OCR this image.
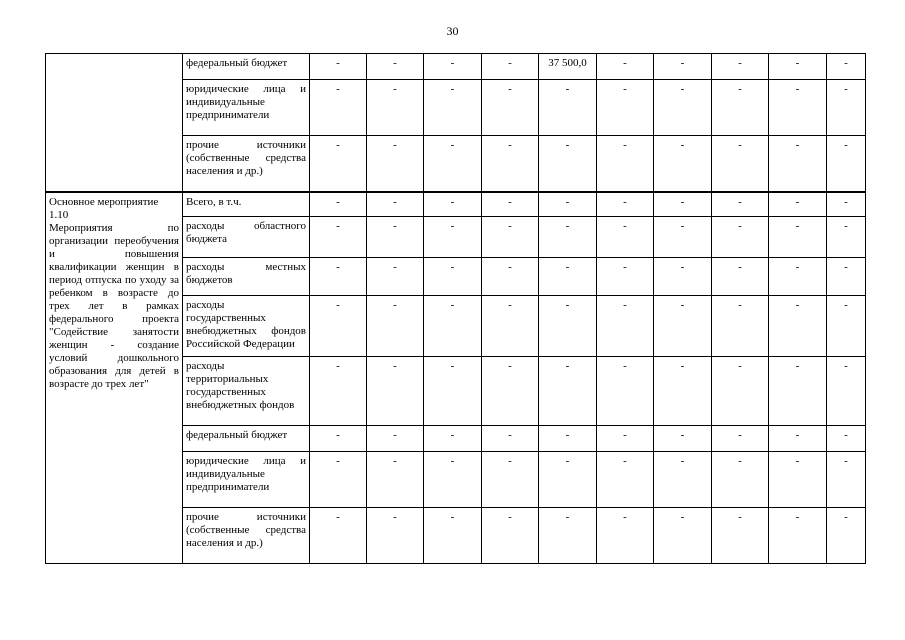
30
	федеральный бюджет	-	-	-	-	37 500,0	-	-	-	-	-
	юридические лица и индивидуальные предприниматели	-	-	-	-	-	-	-	-	-	-
	прочие источники (собственные средства населения и др.)	-	-	-	-	-	-	-	-	-	-

Основное мероприятие
1.10
Мероприятия по организации переобучения и повышения квалификации женщин в период отпуска по уходу за ребенком в возрасте до трех лет в рамках федерального проекта "Содействие занятости женщин - создание условий дошкольного образования для детей в возрасте до трех лет"	Всего, в т.ч.	-	-	-	-	-	-	-	-	-	-
	расходы областного бюджета	-	-	-	-	-	-	-	-	-	-
	расходы местных бюджетов	-	-	-	-	-	-	-	-	-	-
	расходы государственных внебюджетных фондов Российской Федерации	-	-	-	-	-	-	-	-	-	-
	расходы территориальных государственных внебюджетных фондов	-	-	-	-	-	-	-	-	-	-
	федеральный бюджет	-	-	-	-	-	-	-	-	-	-
	юридические лица и индивидуальные предприниматели	-	-	-	-	-	-	-	-	-	-
	прочие источники (собственные средства населения и др.)	-	-	-	-	-	-	-	-	-	-
